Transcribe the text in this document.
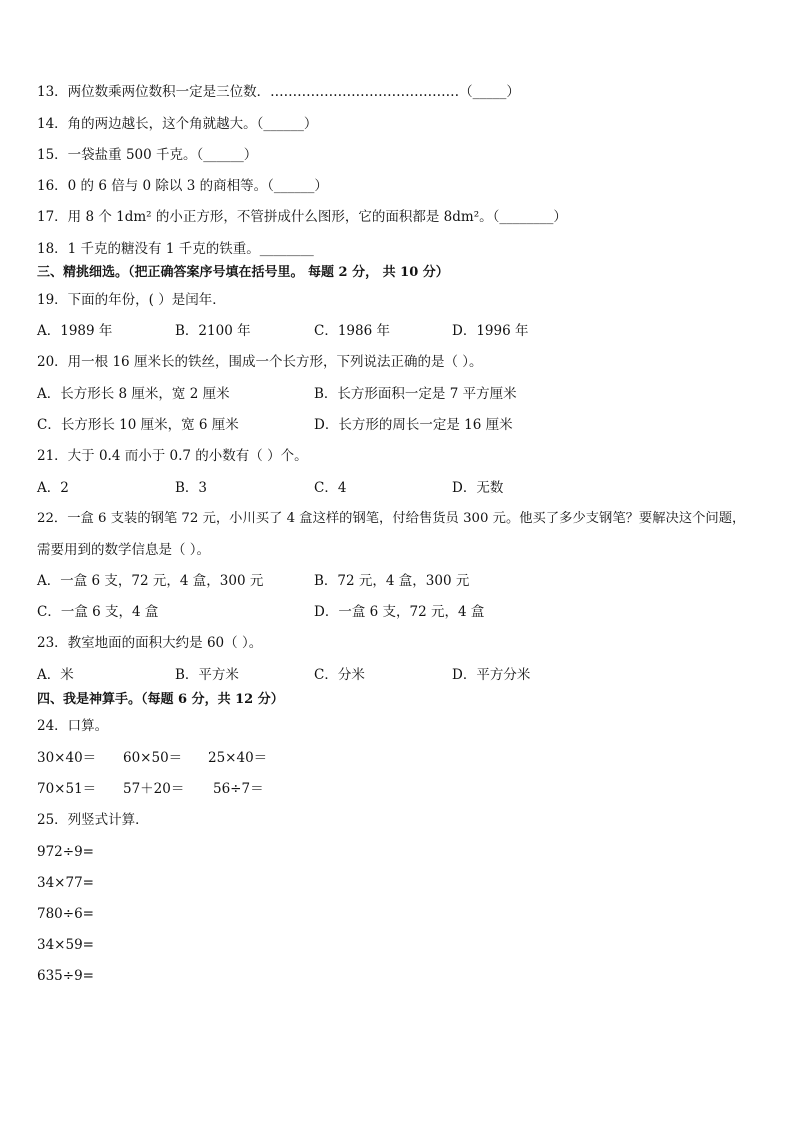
13．两位数乘两位数积一定是三位数．……………………………………（_____）
14．角的两边越长，这个角就越大。（______）
15．一袋盐重 500 千克。（______）
16．0 的 6 倍与 0 除以 3 的商相等。（______）
17．用 8 个 1dm² 的小正方形，不管拼成什么图形，它的面积都是 8dm²。（________）
18．1 千克的糖没有 1 千克的铁重。________
三、精挑细选。（把正确答案序号填在括号里。 每题 2 分， 共 10 分）
19．下面的年份，( ）是闰年．
A．1989 年	B．2100 年	C．1986 年	D．1996 年
20．用一根 16 厘米长的铁丝，围成一个长方形，下列说法正确的是（ ）。
A．长方形长 8 厘米，宽 2 厘米	B．长方形面积一定是 7 平方厘米
C．长方形长 10 厘米，宽 6 厘米	D．长方形的周长一定是 16 厘米
21．大于 0.4 而小于 0.7 的小数有（ ）个。
A．2	B．3	C．4	D．无数
22．一盒 6 支装的钢笔 72 元，小川买了 4 盒这样的钢笔，付给售货员 300 元。他买了多少支钢笔？要解决这个问题，
需要用到的数学信息是（ ）。
A．一盒 6 支，72 元，4 盒，300 元	B．72 元，4 盒，300 元
C．一盒 6 支，4 盒	D．一盒 6 支，72 元，4 盒
23．教室地面的面积大约是 60（ ）。
A．米	B．平方米	C．分米	D．平方分米
四、我是神算手。（每题 6 分，共 12 分）
24．口算。
30×40＝ 60×50＝ 25×40＝
70×51＝ 57＋20＝ 56÷7＝
25．列竖式计算．
972÷9=
34×77=
780÷6=
34×59=
635÷9=
